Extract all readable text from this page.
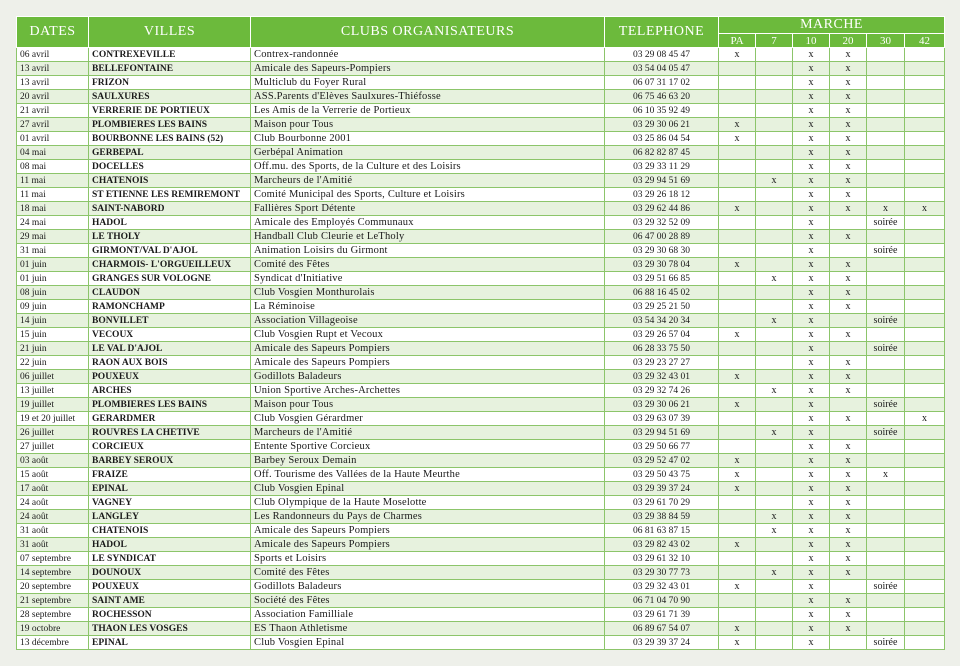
DATES	VILLES	CLUBS ORGANISATEURS	TELEPHONE	MARCHE					
				PA	7	10	20	30	42
06 avril	CONTREXEVILLE	Contrex-randonnée	03 29 08 45 47	x		x	x		
13 avril	BELLEFONTAINE	Amicale des Sapeurs-Pompiers	03 54 04 05 47			x	x		
13 avril	FRIZON	Multiclub du Foyer Rural	06 07 31 17 02			x	x		
20 avril	SAULXURES	ASS.Parents d'Elèves Saulxures-Thiéfosse	06 75 46 63 20			x	x		
21 avril	VERRERIE DE PORTIEUX	Les Amis de la Verrerie de Portieux	06 10 35 92 49			x	x		
27 avril	PLOMBIERES LES BAINS	Maison pour Tous	03 29 30 06 21	x		x	x		
01 avril	BOURBONNE LES BAINS (52)	Club Bourbonne 2001	03 25 86 04 54	x		x	x		
04 mai	GERBEPAL	Gerbépal Animation	06 82 82 87 45			x	x		
08 mai	DOCELLES	Off.mu. des Sports, de la Culture et des Loisirs	03 29 33 11 29			x	x		
11 mai	CHATENOIS	Marcheurs de l'Amitié	03 29 94 51 69		x	x	x		
11 mai	ST ETIENNE LES REMIREMONT	Comité Municipal des Sports, Culture et Loisirs	03 29 26 18 12			x	x		
18 mai	SAINT-NABORD	Fallières Sport Détente	03 29 62 44 86	x		x	x	x	x
24 mai	HADOL	Amicale des Employés Communaux	03 29 32 52 09			x		soirée	
29 mai	LE THOLY	Handball Club Cleurie et LeTholy	06 47 00 28 89			x	x		
31 mai	GIRMONT/VAL D'AJOL	Animation Loisirs du Girmont	03 29 30 68 30			x		soirée	
01 juin	CHARMOIS- L'ORGUEILLEUX	Comité des Fêtes	03 29 30 78 04	x		x	x		
01 juin	GRANGES SUR VOLOGNE	Syndicat d'Initiative	03 29 51 66 85		x	x	x		
08 juin	CLAUDON	Club Vosgien Monthurolais	06 88 16 45 02			x	x		
09 juin	RAMONCHAMP	La Réminoise	03 29 25 21 50			x	x		
14 juin	BONVILLET	Association Villageoise	03 54 34 20 34		x	x		soirée	
15 juin	VECOUX	Club Vosgien Rupt et Vecoux	03 29 26 57 04	x		x	x		
21 juin	LE VAL D'AJOL	Amicale des Sapeurs Pompiers	06 28 33 75 50			x		soirée	
22 juin	RAON AUX BOIS	Amicale des Sapeurs Pompiers	03 29 23 27 27			x	x		
06 juillet	POUXEUX	Godillots Baladeurs	03 29 32 43 01	x		x	x		
13 juillet	ARCHES	Union Sportive Arches-Archettes	03 29 32 74 26		x	x	x		
19 juillet	PLOMBIERES LES BAINS	Maison pour Tous	03 29 30 06 21	x		x		soirée	
19 et 20 juillet	GERARDMER	Club Vosgien Gérardmer	03 29 63 07 39			x	x		x
26 juillet	ROUVRES LA CHETIVE	Marcheurs de l'Amitié	03 29 94 51 69		x	x		soirée	
27 juillet	CORCIEUX	Entente Sportive Corcieux	03 29 50 66 77			x	x		
03 août	BARBEY SEROUX	Barbey Seroux Demain	03 29 52 47 02	x		x	x		
15 août	FRAIZE	Off. Tourisme des Vallées de la Haute Meurthe	03 29 50 43 75	x		x	x	x	
17 août	EPINAL	Club Vosgien Epinal	03 29 39 37 24	x		x	x		
24 août	VAGNEY	Club Olympique de la Haute Moselotte	03 29 61 70 29			x	x		
24 août	LANGLEY	Les Randonneurs du Pays de Charmes	03 29 38 84 59		x	x	x		
31 août	CHATENOIS	Amicale des Sapeurs Pompiers	06 81 63 87 15		x	x	x		
31 août	HADOL	Amicale des Sapeurs Pompiers	03 29 82 43 02	x		x	x		
07 septembre	LE SYNDICAT	Sports et Loisirs	03 29 61 32 10			x	x		
14 septembre	DOUNOUX	Comité des Fêtes	03 29 30 77 73		x	x	x		
20 septembre	POUXEUX	Godillots Baladeurs	03 29 32 43 01	x		x		soirée	
21 septembre	SAINT AME	Société des Fêtes	06 71 04 70 90			x	x		
28 septembre	ROCHESSON	Association Familliale	03 29 61 71 39			x	x		
19 octobre	THAON LES VOSGES	ES Thaon Athletisme	06 89 67 54 07	x		x	x		
13 décembre	EPINAL	Club Vosgien Epinal	03 29 39 37 24	x		x		soirée	
